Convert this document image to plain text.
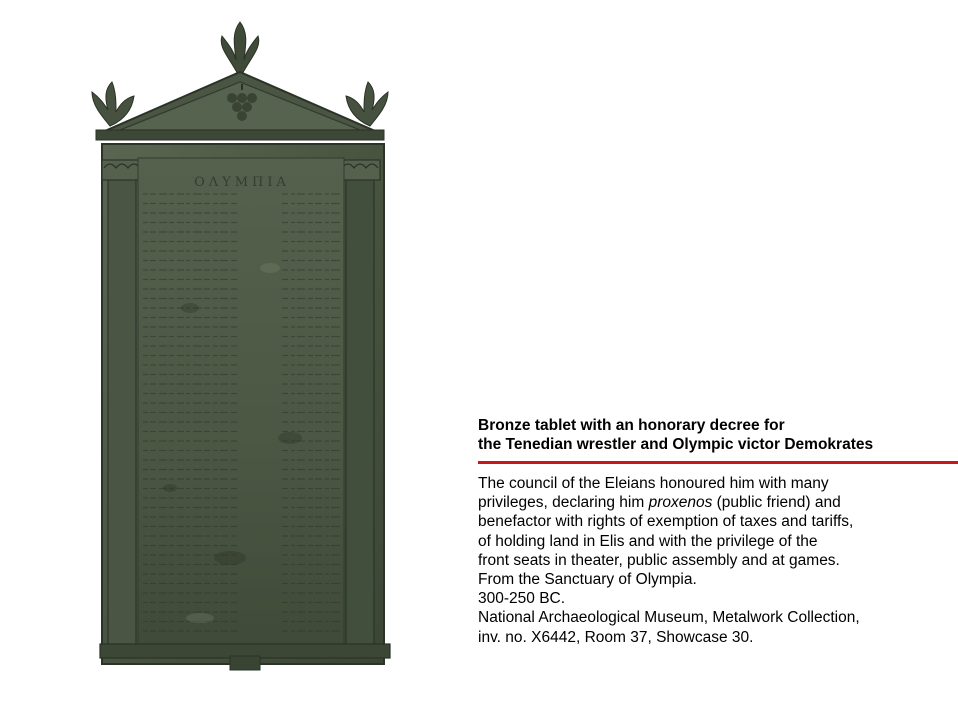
ΟΛΥΜΠΙΑ
Bronze tablet with an honorary decree for
the Tenedian wrestler and Olympic victor Demokrates
The council of the Eleians honoured him with many
privileges, declaring him proxenos (public friend) and
benefactor with rights of exemption of taxes and tariffs,
of holding land in Elis and with the privilege of the
front seats in theater, public assembly and at games.
From the Sanctuary of Olympia.
300-250 BC.
National Archaeological Museum, Metalwork Collection,
inv. no. X6442, Room 37, Showcase 30.
